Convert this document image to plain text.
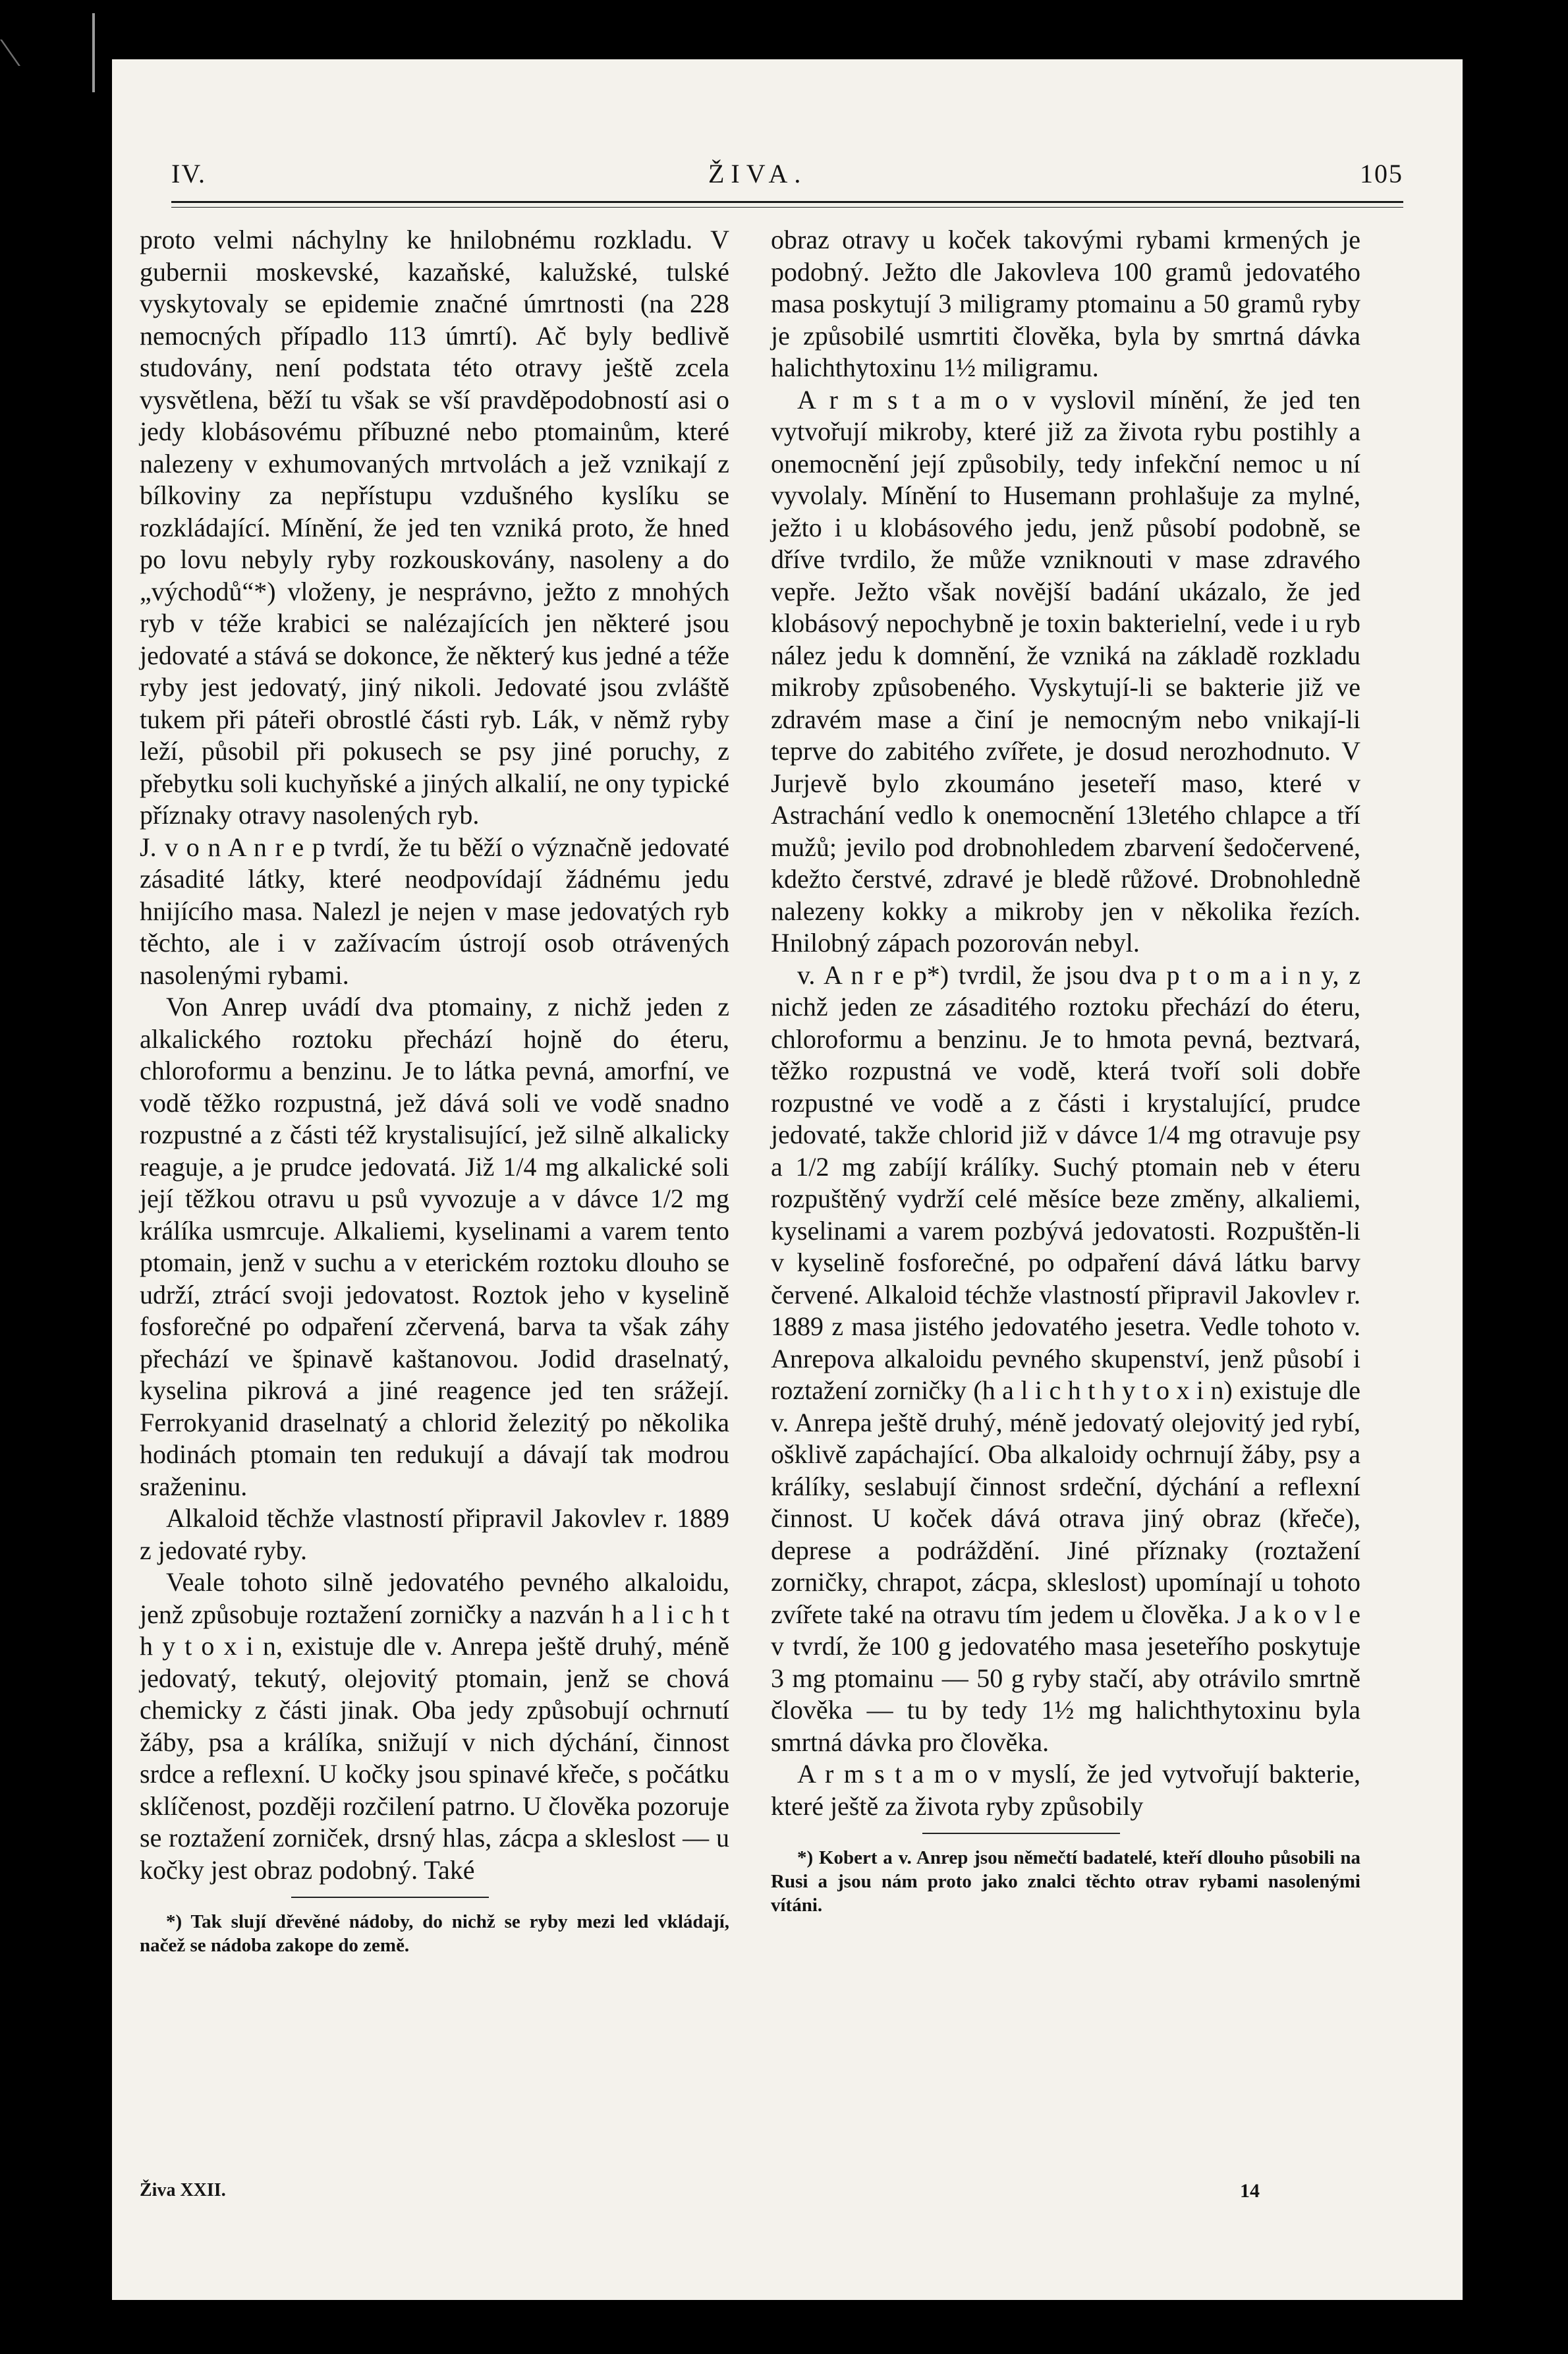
IV.	ŽIVA.	105

proto velmi náchylny ke hnilobnému rozkladu. V gubernii moskevské, kazaňské, kalužské, tulské vyskytovaly se epidemie značné úmrtnosti (na 228 nemocných případlo 113 úmrtí). Ač byly bedlivě studovány, není podstata této otravy ještě zcela vysvětlena, běží tu však se vší pravděpodobností asi o jedy klobásovému příbuzné nebo ptomainům, které nalezeny v exhumovaných mrtvolách a jež vznikají z bílkoviny za nepřístupu vzdušného kyslíku se rozkládající. Mínění, že jed ten vzniká proto, že hned po lovu nebyly ryby rozkouskovány, nasoleny a do „východů“*) vloženy, je nesprávno, ježto z mnohých ryb v téže krabici se nalézajících jen některé jsou jedovaté a stává se dokonce, že některý kus jedné a téže ryby jest jedovatý, jiný nikoli. Jedovaté jsou zvláště tukem při páteři obrostlé části ryb. Lák, v němž ryby leží, působil při pokusech se psy jiné poruchy, z přebytku soli kuchyňské a jiných alkalií, ne ony typické příznaky otravy nasolených ryb.

J. v o n A n r e p tvrdí, že tu běží o význačně jedovaté zásadité látky, které neodpovídají žádnému jedu hnijícího masa. Nalezl je nejen v mase jedovatých ryb těchto, ale i v zažívacím ústrojí osob otrávených nasolenými rybami.

Von Anrep uvádí dva ptomainy, z nichž jeden z alkalického roztoku přechází hojně do éteru, chloroformu a benzinu. Je to látka pevná, amorfní, ve vodě těžko rozpustná, jež dává soli ve vodě snadno rozpustné a z části též krystalisující, jež silně alkalicky reaguje, a je prudce jedovatá. Již 1/4 mg alkalické soli její těžkou otravu u psů vyvozuje a v dávce 1/2 mg králíka usmrcuje. Alkaliemi, kyselinami a varem tento ptomain, jenž v suchu a v eterickém roztoku dlouho se udrží, ztrácí svoji jedovatost. Roztok jeho v kyselině fosforečné po odpaření zčervená, barva ta však záhy přechází ve špinavě kaštanovou. Jodid draselnatý, kyselina pikrová a jiné reagence jed ten srážejí. Ferrokyanid draselnatý a chlorid železitý po několika hodinách ptomain ten redukují a dávají tak modrou sraženinu.

Alkaloid těchže vlastností připravil Jakovlev r. 1889 z jedovaté ryby.

Veale tohoto silně jedovatého pevného alkaloidu, jenž způsobuje roztažení zorničky a nazván h a l i c h t h y t o x i n, existuje dle v. Anrepa ještě druhý, méně jedovatý, tekutý, olejovitý ptomain, jenž se chová chemicky z části jinak. Oba jedy způsobují ochrnutí žáby, psa a králíka, snižují v nich dýchání, činnost srdce a reflexní. U kočky jsou spinavé křeče, s počátku sklíčenost, později rozčilení patrno. U člověka pozoruje se roztažení zorniček, drsný hlas, zácpa a skleslost — u kočky jest obraz podobný. Také

*) Tak slují dřevěné nádoby, do nichž se ryby mezi led vkládají, načež se nádoba zakope do země.

obraz otravy u koček takovými rybami krmených je podobný. Ježto dle Jakovleva 100 gramů jedovatého masa poskytují 3 miligramy ptomainu a 50 gramů ryby je způsobilé usmrtiti člověka, byla by smrtná dávka halichthytoxinu 1½ miligramu.

A r m s t a m o v vyslovil mínění, že jed ten vytvořují mikroby, které již za života rybu postihly a onemocnění její způsobily, tedy infekční nemoc u ní vyvolaly. Mínění to Husemann prohlašuje za mylné, ježto i u klobásového jedu, jenž působí podobně, se dříve tvrdilo, že může vzniknouti v mase zdravého vepře. Ježto však novější badání ukázalo, že jed klobásový nepochybně je toxin bakterielní, vede i u ryb nález jedu k domnění, že vzniká na základě rozkladu mikroby způsobeného. Vyskytují-li se bakterie již ve zdravém mase a činí je nemocným nebo vnikají-li teprve do zabitého zvířete, je dosud nerozhodnuto. V Jurjevě bylo zkoumáno jeseteří maso, které v Astrachání vedlo k onemocnění 13letého chlapce a tří mužů; jevilo pod drobnohledem zbarvení šedočervené, kdežto čerstvé, zdravé je bledě růžové. Drobnohledně nalezeny kokky a mikroby jen v několika řezích. Hnilobný zápach pozorován nebyl.

v. A n r e p*) tvrdil, že jsou dva p t o m a i n y, z nichž jeden ze zásaditého roztoku přechází do éteru, chloroformu a benzinu. Je to hmota pevná, beztvará, těžko rozpustná ve vodě, která tvoří soli dobře rozpustné ve vodě a z části i krystalující, prudce jedovaté, takže chlorid již v dávce 1/4 mg otravuje psy a 1/2 mg zabíjí králíky. Suchý ptomain neb v éteru rozpuštěný vydrží celé měsíce beze změny, alkaliemi, kyselinami a varem pozbývá jedovatosti. Rozpuštěn-li v kyselině fosforečné, po odpaření dává látku barvy červené. Alkaloid téchže vlastností připravil Jakovlev r. 1889 z masa jistého jedovatého jesetra. Vedle tohoto v. Anrepova alkaloidu pevného skupenství, jenž působí i roztažení zorničky (h a l i c h t h y t o x i n) existuje dle v. Anrepa ještě druhý, méně jedovatý olejovitý jed rybí, ošklivě zapáchající. Oba alkaloidy ochrnují žáby, psy a králíky, seslabují činnost srdeční, dýchání a reflexní činnost. U koček dává otrava jiný obraz (křeče), deprese a podráždění. Jiné příznaky (roztažení zorničky, chrapot, zácpa, skleslost) upomínají u tohoto zvířete také na otravu tím jedem u člověka. J a k o v l e v tvrdí, že 100 g jedovatého masa jeseteřího poskytuje 3 mg ptomainu — 50 g ryby stačí, aby otrávilo smrtně člověka — tu by tedy 1½ mg halichthytoxinu byla smrtná dávka pro člověka.

A r m s t a m o v myslí, že jed vytvořují bakterie, které ještě za života ryby způsobily

*) Kobert a v. Anrep jsou němečtí badatelé, kteří dlouho působili na Rusi a jsou nám proto jako znalci těchto otrav rybami nasolenými vítáni.

Živa XXII.	14
